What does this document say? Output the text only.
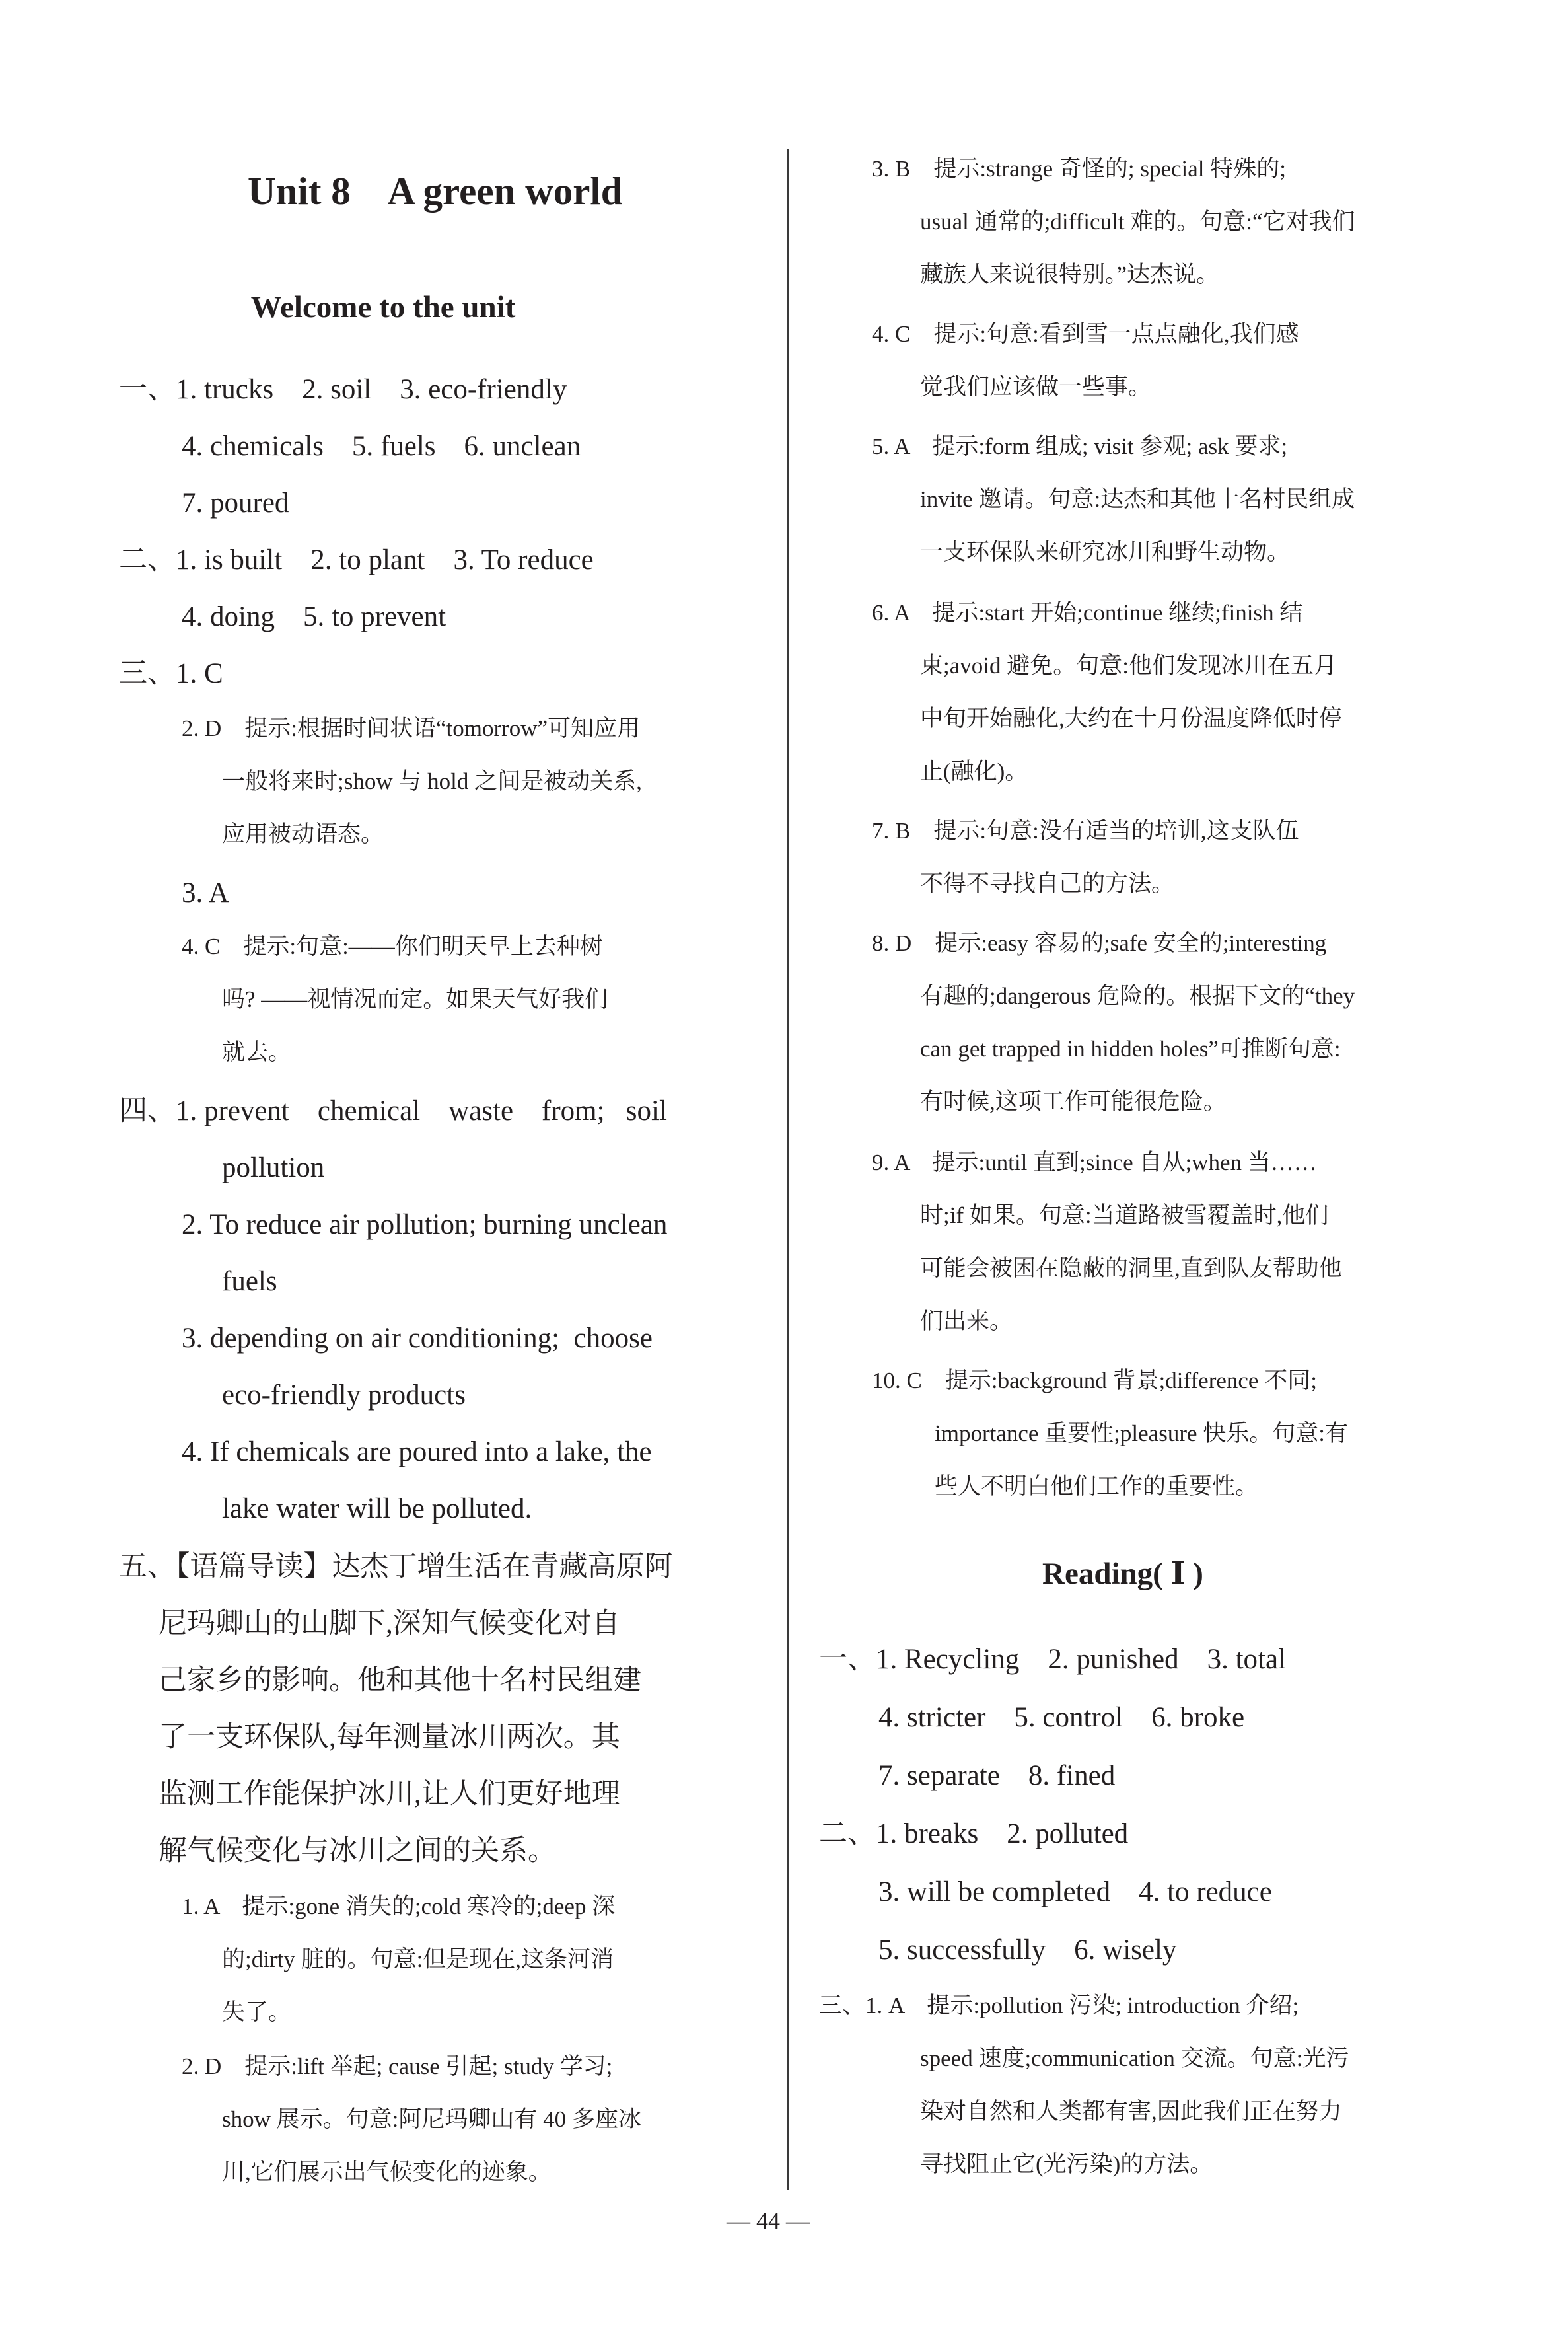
Unit 8    A green world
Welcome to the unit
Reading( Ⅰ )
— 44 —
一、1. trucks    2. soil    3. eco-friendly
4. chemicals    5. fuels    6. unclean
7. poured
二、1. is built    2. to plant    3. To reduce
4. doing    5. to prevent
三、1. C
2. D    提示:根据时间状语“tomorrow”可知应用
一般将来时;show 与 hold 之间是被动关系,
应用被动语态。
3. A
4. C    提示:句意:——你们明天早上去种树
吗? ——视情况而定。如果天气好我们
就去。
四、1. prevent    chemical    waste    from;   soil
pollution
2. To reduce air pollution; burning unclean
fuels
3. depending on air conditioning;  choose
eco-friendly products
4. If chemicals are poured into a lake, the
lake water will be polluted.
五、【语篇导读】达杰丁增生活在青藏高原阿
尼玛卿山的山脚下,深知气候变化对自
己家乡的影响。他和其他十名村民组建
了一支环保队,每年测量冰川两次。其
监测工作能保护冰川,让人们更好地理
解气候变化与冰川之间的关系。
1. A    提示:gone 消失的;cold 寒冷的;deep 深
的;dirty 脏的。句意:但是现在,这条河消
失了。
2. D    提示:lift 举起; cause 引起; study 学习;
show 展示。句意:阿尼玛卿山有 40 多座冰
川,它们展示出气候变化的迹象。
3. B    提示:strange 奇怪的; special 特殊的;
usual 通常的;difficult 难的。句意:“它对我们
藏族人来说很特别。”达杰说。
4. C    提示:句意:看到雪一点点融化,我们感
觉我们应该做一些事。
5. A    提示:form 组成; visit 参观; ask 要求;
invite 邀请。句意:达杰和其他十名村民组成
一支环保队来研究冰川和野生动物。
6. A    提示:start 开始;continue 继续;finish 结
束;avoid 避免。句意:他们发现冰川在五月
中旬开始融化,大约在十月份温度降低时停
止(融化)。
7. B    提示:句意:没有适当的培训,这支队伍
不得不寻找自己的方法。
8. D    提示:easy 容易的;safe 安全的;interesting
有趣的;dangerous 危险的。根据下文的“they
can get trapped in hidden holes”可推断句意:
有时候,这项工作可能很危险。
9. A    提示:until 直到;since 自从;when 当……
时;if 如果。句意:当道路被雪覆盖时,他们
可能会被困在隐蔽的洞里,直到队友帮助他
们出来。
10. C    提示:background 背景;difference 不同;
importance 重要性;pleasure 快乐。句意:有
些人不明白他们工作的重要性。
一、1. Recycling    2. punished    3. total
4. stricter    5. control    6. broke
7. separate    8. fined
二、1. breaks    2. polluted
3. will be completed    4. to reduce
5. successfully    6. wisely
三、1. A    提示:pollution 污染; introduction 介绍;
speed 速度;communication 交流。句意:光污
染对自然和人类都有害,因此我们正在努力
寻找阻止它(光污染)的方法。
